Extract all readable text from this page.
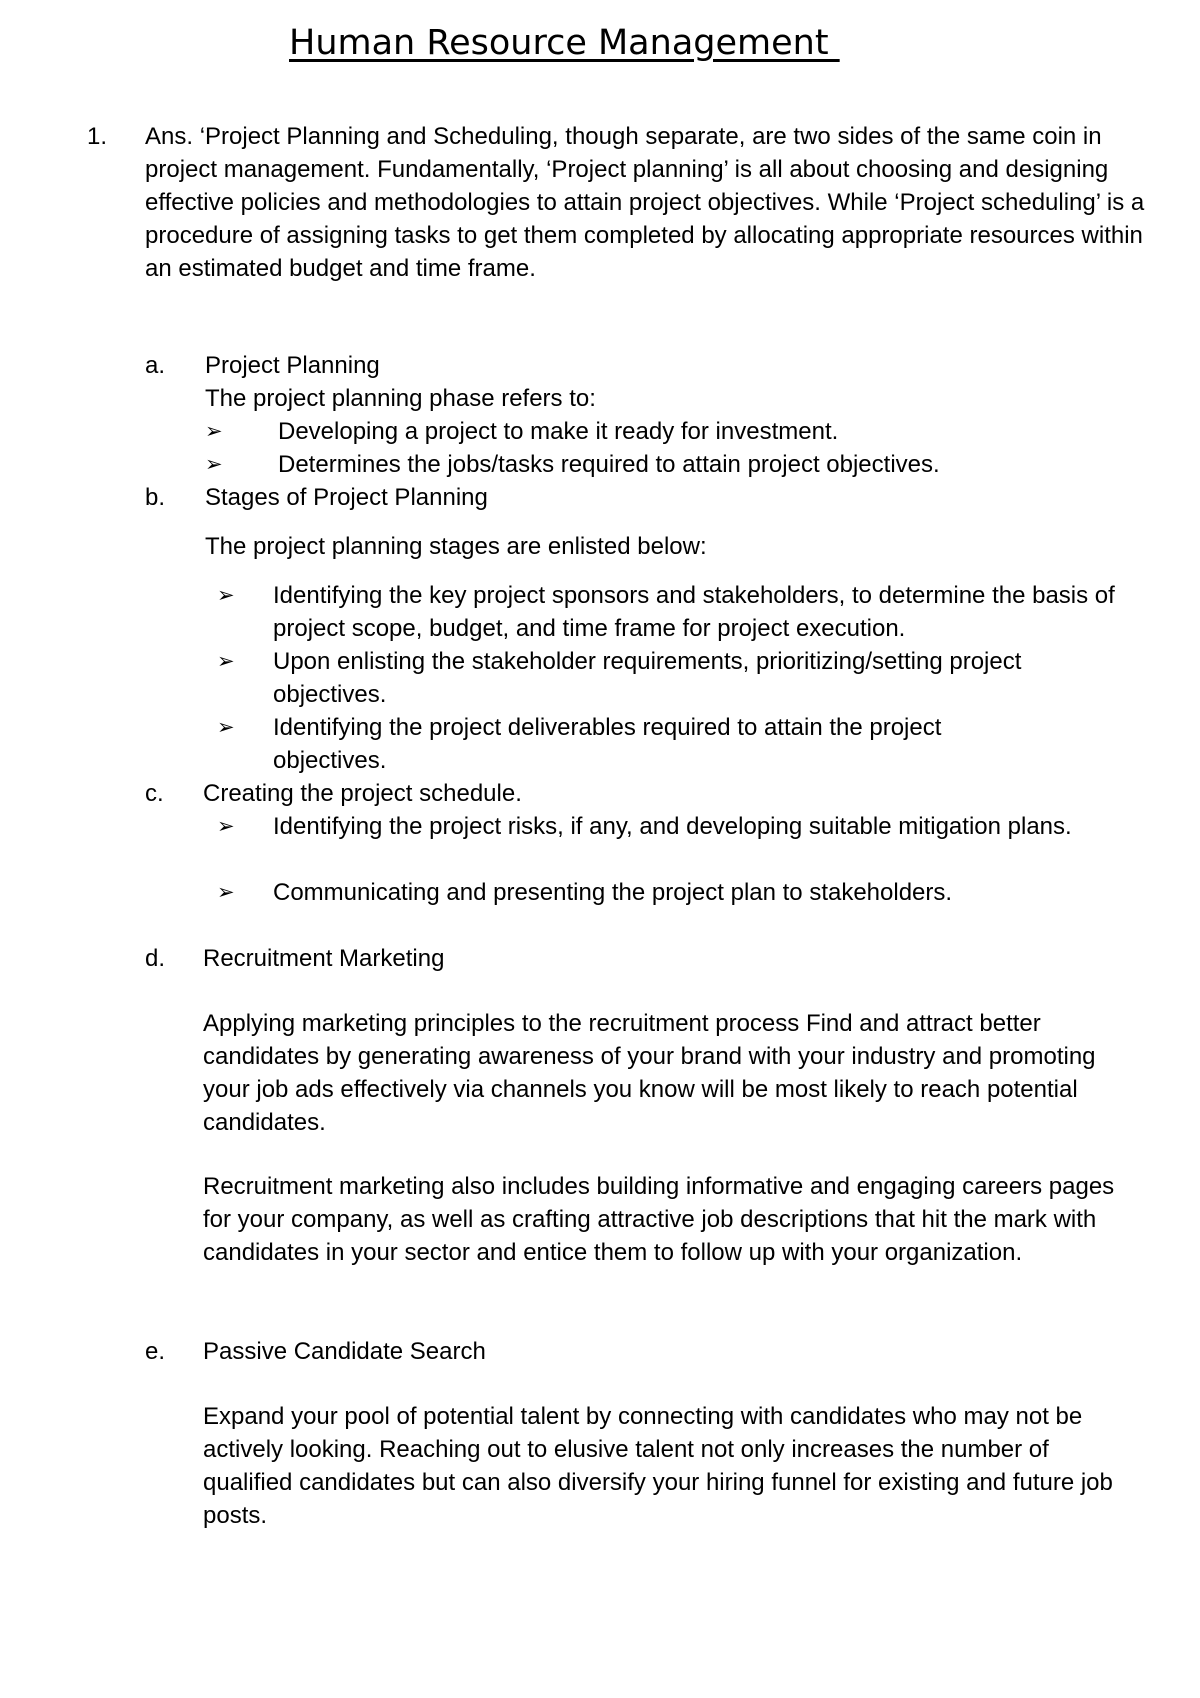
Human Resource Management
1. Ans. ‘Project Planning and Scheduling, though separate, are two sides of the same coin in project management. Fundamentally, ‘Project planning’ is all about choosing and designing effective policies and methodologies to attain project objectives. While ‘Project scheduling’ is a procedure of assigning tasks to get them completed by allocating appropriate resources within an estimated budget and time frame.
a. Project Planning
The project planning phase refers to:
➢ Developing a project to make it ready for investment.
➢ Determines the jobs/tasks required to attain project objectives.
b. Stages of Project Planning
The project planning stages are enlisted below:
➢ Identifying the key project sponsors and stakeholders, to determine the basis of project scope, budget, and time frame for project execution.
➢ Upon enlisting the stakeholder requirements, prioritizing/setting project objectives.
➢ Identifying the project deliverables required to attain the project objectives.
c. Creating the project schedule.
➢ Identifying the project risks, if any, and developing suitable mitigation plans.
➢ Communicating and presenting the project plan to stakeholders.
d. Recruitment Marketing
Applying marketing principles to the recruitment process Find and attract better candidates by generating awareness of your brand with your industry and promoting your job ads effectively via channels you know will be most likely to reach potential candidates.
Recruitment marketing also includes building informative and engaging careers pages for your company, as well as crafting attractive job descriptions that hit the mark with candidates in your sector and entice them to follow up with your organization.
e. Passive Candidate Search
Expand your pool of potential talent by connecting with candidates who may not be actively looking. Reaching out to elusive talent not only increases the number of qualified candidates but can also diversify your hiring funnel for existing and future job posts.
